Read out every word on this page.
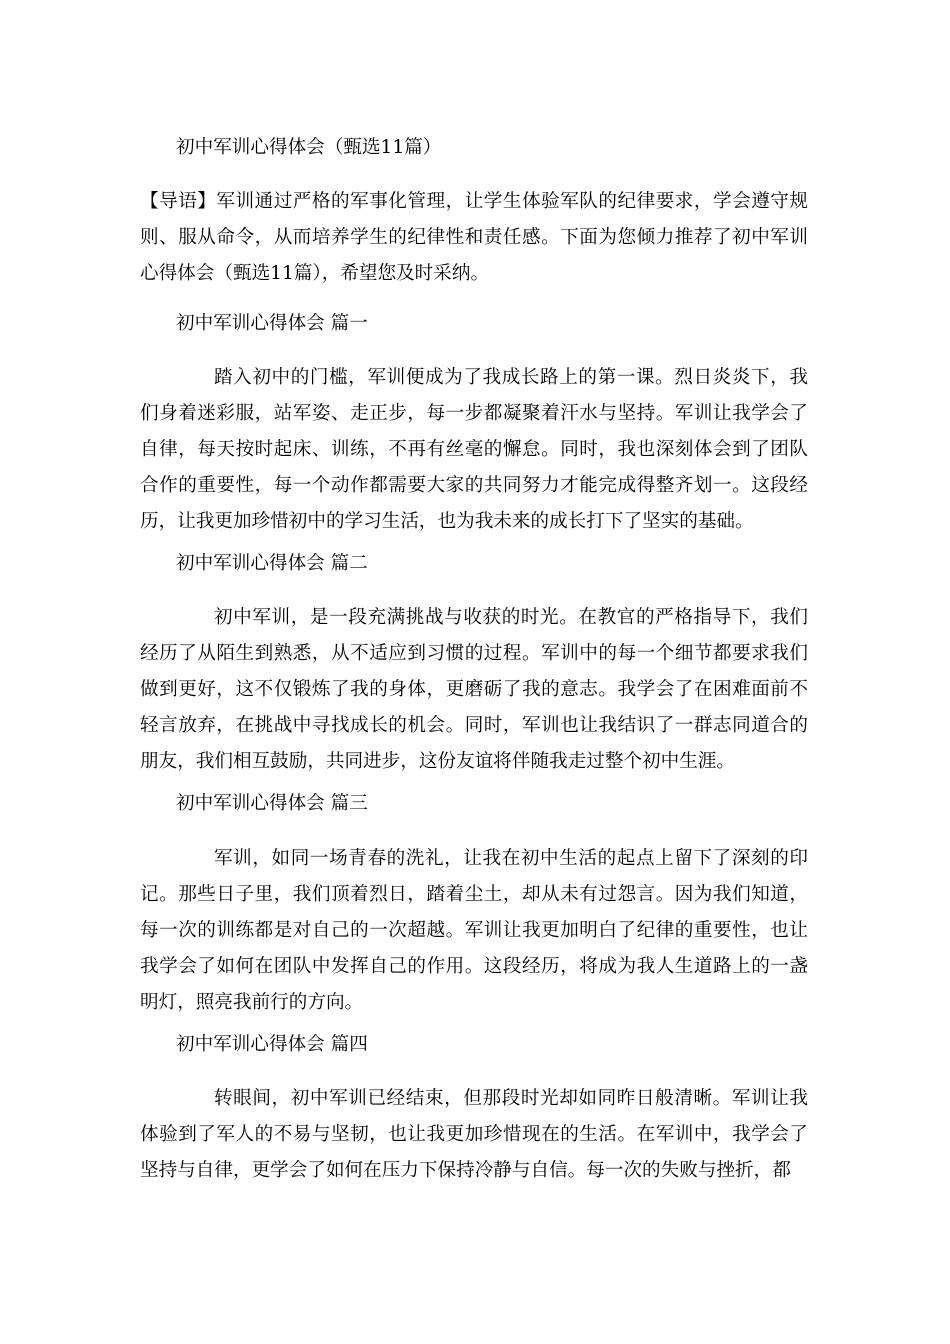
初中军训心得体会（甄选11篇）

【导语】军训通过严格的军事化管理，让学生体验军队的纪律要求，学会遵守规则、服从命令，从而培养学生的纪律性和责任感。下面为您倾力推荐了初中军训心得体会（甄选11篇），希望您及时采纳。

初中军训心得体会 篇一

踏入初中的门槛，军训便成为了我成长路上的第一课。烈日炎炎下，我们身着迷彩服，站军姿、走正步，每一步都凝聚着汗水与坚持。军训让我学会了自律，每天按时起床、训练，不再有丝毫的懈怠。同时，我也深刻体会到了团队合作的重要性，每一个动作都需要大家的共同努力才能完成得整齐划一。这段经历，让我更加珍惜初中的学习生活，也为我未来的成长打下了坚实的基础。

初中军训心得体会 篇二

初中军训，是一段充满挑战与收获的时光。在教官的严格指导下，我们经历了从陌生到熟悉，从不适应到习惯的过程。军训中的每一个细节都要求我们做到更好，这不仅锻炼了我的身体，更磨砺了我的意志。我学会了在困难面前不轻言放弃，在挑战中寻找成长的机会。同时，军训也让我结识了一群志同道合的朋友，我们相互鼓励，共同进步，这份友谊将伴随我走过整个初中生涯。

初中军训心得体会 篇三

军训，如同一场青春的洗礼，让我在初中生活的起点上留下了深刻的印记。那些日子里，我们顶着烈日，踏着尘土，却从未有过怨言。因为我们知道，每一次的训练都是对自己的一次超越。军训让我更加明白了纪律的重要性，也让我学会了如何在团队中发挥自己的作用。这段经历，将成为我人生道路上的一盏明灯，照亮我前行的方向。

初中军训心得体会 篇四

转眼间，初中军训已经结束，但那段时光却如同昨日般清晰。军训让我体验到了军人的不易与坚韧，也让我更加珍惜现在的生活。在军训中，我学会了坚持与自律，更学会了如何在压力下保持冷静与自信。每一次的失败与挫折，都
